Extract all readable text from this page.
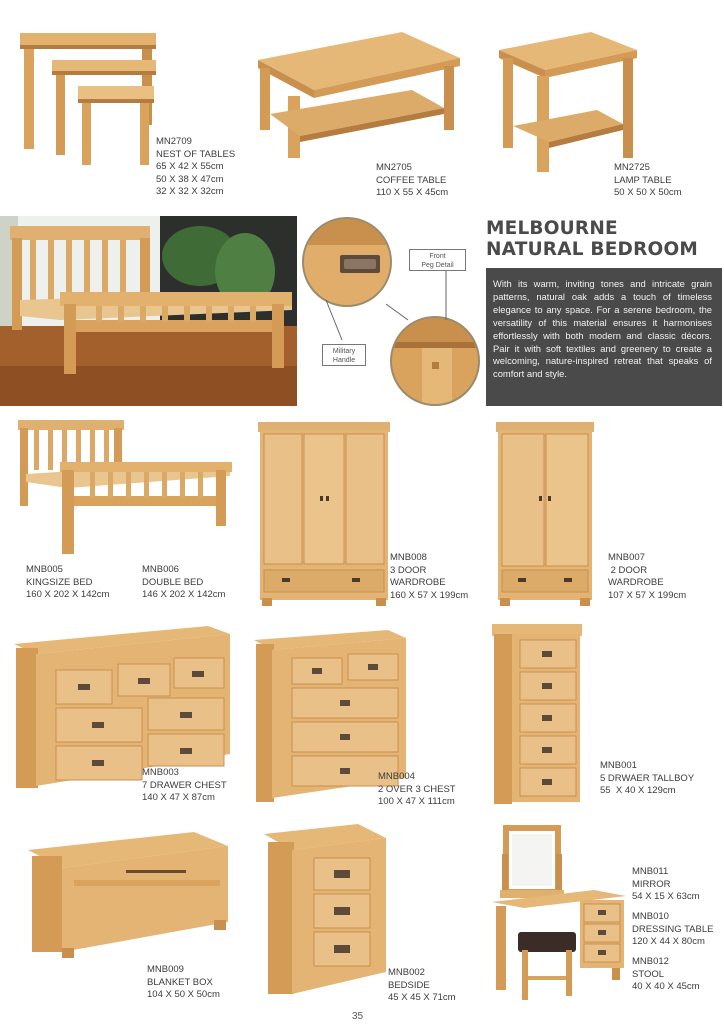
MN2709
NEST OF TABLES
65 X 42 X 55cm
50 X 38 X 47cm
32 X 32 X 32cm
MN2705
COFFEE TABLE
110 X 55 X 45cm
MN2725
LAMP TABLE
50 X 50 X 50cm
Front
Peg Detail
Military
Handle
MELBOURNE
NATURAL BEDROOM
With its warm, inviting tones and intricate grain patterns, natural oak adds a touch of timeless elegance to any space. For a serene bedroom, the versatility of this material ensures it harmonises effortlessly with both modern and classic décors. Pair it with soft textiles and greenery to create a welcoming, nature-inspired retreat that speaks of comfort and style.
MNB005
KINGSIZE BED
160 X 202 X 142cm
MNB006
DOUBLE BED
146 X 202 X 142cm
MNB008
3 DOOR
WARDROBE
160 X 57 X 199cm
MNB007
2 DOOR
WARDROBE
107 X 57 X 199cm
MNB003
7 DRAWER CHEST
140 X 47 X 87cm
MNB004
2 OVER 3 CHEST
100 X 47 X 111cm
MNB001
5 DRWAER TALLBOY
55  X 40 X 129cm
MNB009
BLANKET BOX
104 X 50 X 50cm
MNB002
BEDSIDE
45 X 45 X 71cm
MNB011
MIRROR
54 X 15 X 63cm
MNB010
DRESSING TABLE
120 X 44 X 80cm
MNB012
STOOL
40 X 40 X 45cm
35
